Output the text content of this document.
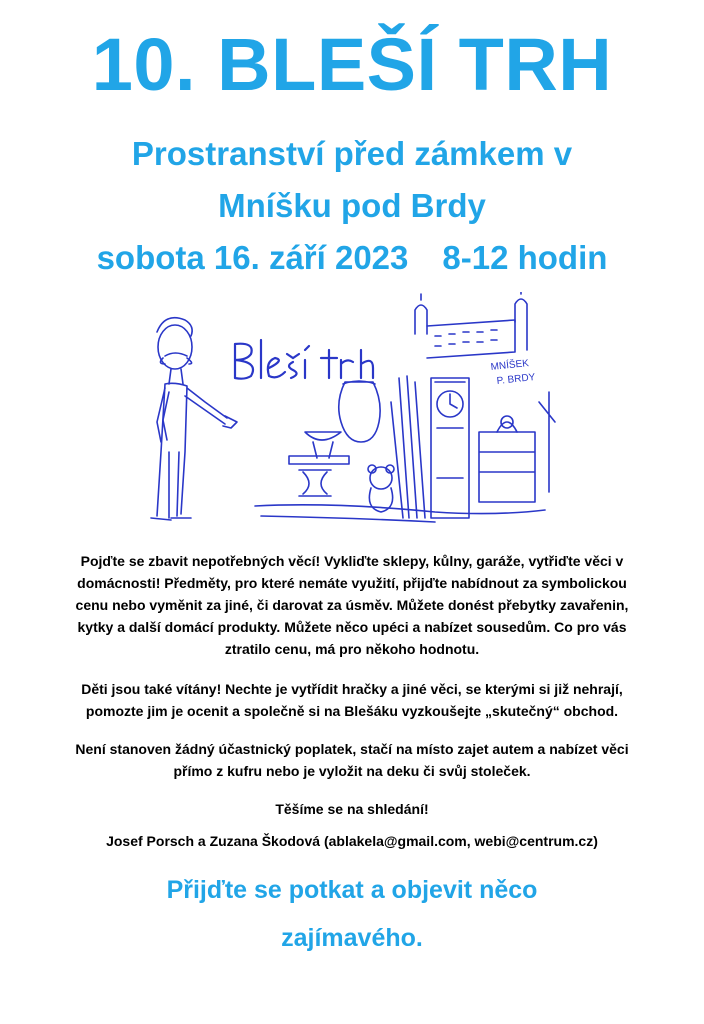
10. BLEŠÍ TRH
Prostranství před zámkem v
Mníšku pod Brdy
sobota 16. září 2023 8-12 hodin
MNÍŠEK
P. BRDY
Pojďte se zbavit nepotřebných věcí! Vykliďte sklepy, kůlny, garáže, vytřiďte věci v
domácnosti! Předměty, pro které nemáte využití, přijďte nabídnout za symbolickou
cenu nebo vyměnit za jiné, či darovat za úsměv. Můžete donést přebytky zavařenin,
kytky a další domácí produkty. Můžete něco upéci a nabízet sousedům. Co pro vás
ztratilo cenu, má pro někoho hodnotu.
Děti jsou také vítány! Nechte je vytřídit hračky a jiné věci, se kterými si již nehrají,
pomozte jim je ocenit a společně si na Blešáku vyzkoušejte „skutečný“ obchod.
Není stanoven žádný účastnický poplatek, stačí na místo zajet autem a nabízet věci
přímo z kufru nebo je vyložit na deku či svůj stoleček.
Těšíme se na shledání!
Josef Porsch a Zuzana Škodová (ablakela@gmail.com, webi@centrum.cz)
Přijďte se potkat a objevit něco
zajímavého.
